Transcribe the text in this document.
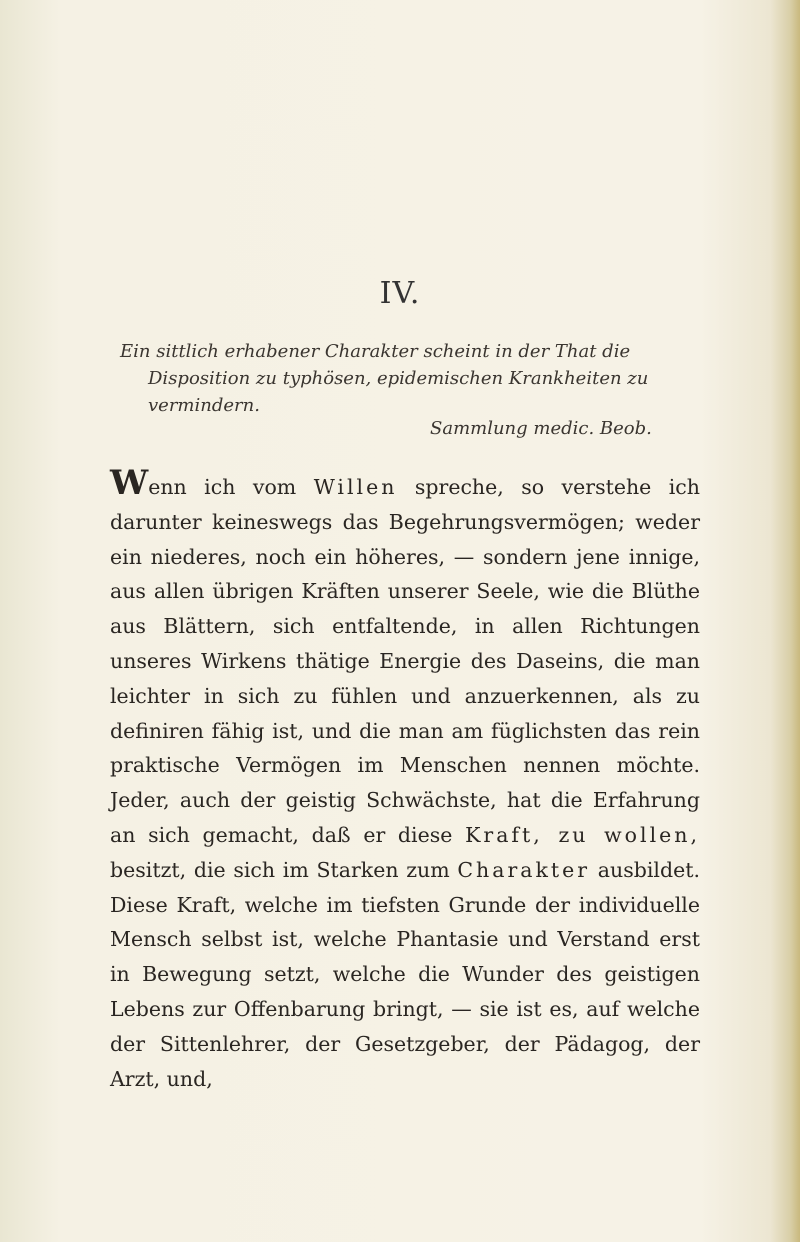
IV.

Ein sittlich erhabener Charakter scheint in der That die Disposition zu typhösen, epidemischen Krankheiten zu vermindern.

Sammlung medic. Beob.

Wenn ich vom Willen spreche, so verstehe ich darunter keineswegs das Begehrungsvermögen; weder ein niederes, noch ein höheres, — sondern jene innige, aus allen übrigen Kräften unserer Seele, wie die Blüthe aus Blättern, sich entfaltende, in allen Richtungen unseres Wirkens thätige Energie des Daseins, die man leichter in sich zu fühlen und anzuerkennen, als zu definiren fähig ist, und die man am füglichsten das rein praktische Vermögen im Menschen nennen möchte. Jeder, auch der geistig Schwächste, hat die Erfahrung an sich gemacht, daß er diese Kraft, zu wollen, besitzt, die sich im Starken zum Charakter ausbildet. Diese Kraft, welche im tiefsten Grunde der individuelle Mensch selbst ist, welche Phantasie und Verstand erst in Bewegung setzt, welche die Wunder des geistigen Lebens zur Offenbarung bringt, — sie ist es, auf welche der Sittenlehrer, der Gesetzgeber, der Pädagog, der Arzt, und,
